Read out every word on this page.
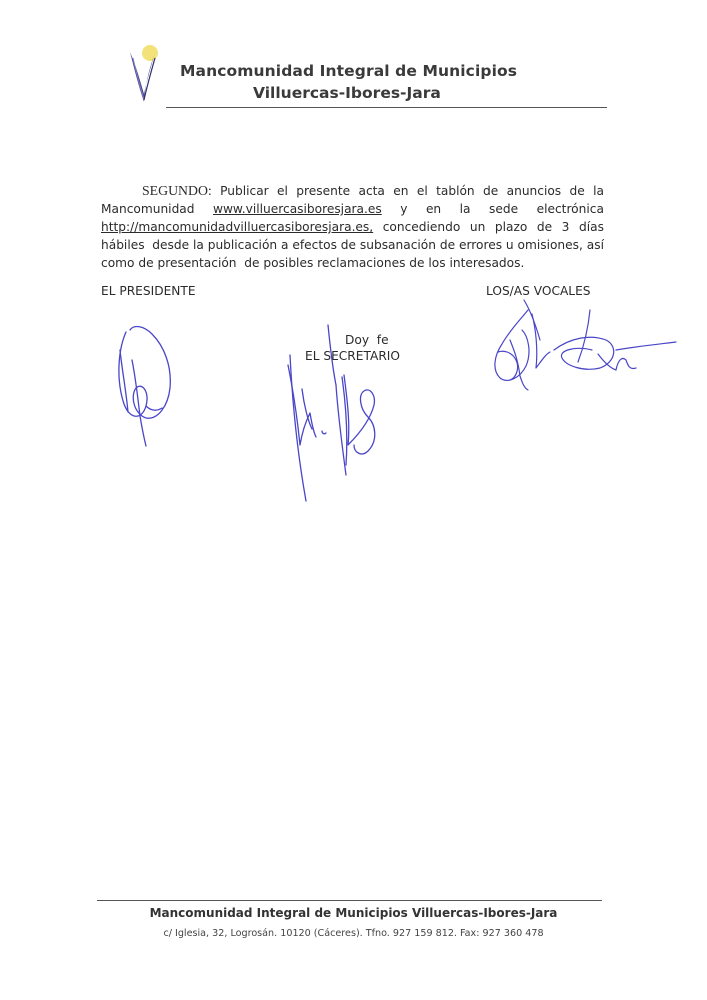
Mancomunidad Integral de Municipios
Villuercas-Ibores-Jara
SEGUNDO: Publicar el presente acta en el tablón de anuncios de la
Mancomunidad www.villuercasiboresjara.es y en la sede electrónica
http://mancomunidadvilluercasiboresjara.es, concediendo un plazo de 3 días
hábiles  desde la publicación a efectos de subsanación de errores u omisiones, así
como de presentación  de posibles reclamaciones de los interesados.
EL PRESIDENTE	LOS/AS VOCALES
Doy  fe
EL SECRETARIO
Mancomunidad Integral de Municipios Villuercas-Ibores-Jara
c/ Iglesia, 32, Logrosán. 10120 (Cáceres). Tfno. 927 159 812. Fax: 927 360 478
